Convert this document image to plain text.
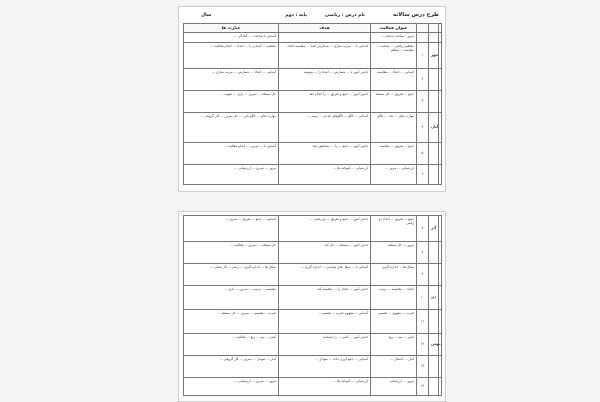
طرح درس سالانه
نام درس : ریاضی
پایه : دوم
سال
عبارت ها	هدف	عنوان فعالیت			
آشنایی با ساعت ...، آمادگی ...		مرور : ساعت ساعت ...			
مفاهیم ... آشنایی با ... اعداد ... انجام فعالیت ...	آشنایی با ... مرتب سازی ... شمارش اشیا ... مقایسه اعداد	مفاهیم ریاضی ... ساعت ... مقایسه ... منظم	۱	مهر	
آشنایی ... اعداد ... شمارش ... مرتب سازی ...	دانش آموز با ... شمارش ... اعداد را ... بنویسد	آشنایی ... اعداد ... مقایسه ...	۲		
حل مسئله ... تمرین ... بازی ... تقویت ...	دانش آموز ... جمع و تفریق ... را انجام دهد	جمع ... تفریق ... حل مسئله	۳		
مهارت های ... الگو یابی ... حل تمرین ... کار گروهی ...	آشنایی ... الگو ... الگوهای عددی ... رسم ...	مهارت های ... عدد ... الگو	۴	آبان	
آشنایی با ... تمرین ... انجام فعالیت ...	دانش آموز ... جمع ... را ... تشخیص دهد	جمع ... تفریق ... مقایسه	۵		
مرور ... تمرین ... ارزشیابی ...	ارزشیابی ... آموخته ها ...	ارزشیابی ... مرور ...	۶		
آشنایی ... جمع ... تفریق ... تمرین ...	دانش آموز ... جمع و تفریق ... دو رقمی ...	جمع ... تفریق ... اعداد دو رقمی	۷	آذر	
حل مسئله ... تمرین ... فعالیت ...	دانش آموز ... مسئله ... حل کند	مرور ... حل مسئله	۸		
شکل ها ... اندازه گیری ... رسم ... کار عملی ...	آشنایی با ... شکل های هندسی ... اندازه گیری ...	شکل ها ... اندازه گیری	۹		
مقایسه ... ترتیب ... تمرین ... بازی ...	دانش آموز ... اعداد را ... مقایسه کند	اعداد ... مقایسه ... ترتیب	۱۰	دی	
ضرب ... تقسیم ... تمرین ... حل مسئله ...	آشنایی ... مفهوم ضرب ... تقسیم ...	ضرب ... مفهوم ... تقسیم	۱۱		
کسر ... نیم ... ربع ... فعالیت ...	دانش آموز ... کسر ... را بشناسد	کسر ... نیم ... ربع	۱۲	بهمن	
آمار ... نمودار ... تمرین ... کار گروهی ...	آشنایی ... جمع آوری داده ... نمودار ...	آمار ... احتمال ...	۱۳		
مرور ... تمرین ... ارزشیابی ...	ارزشیابی ... آموخته ها ...	مرور ... ارزشیابی	۱۴		
